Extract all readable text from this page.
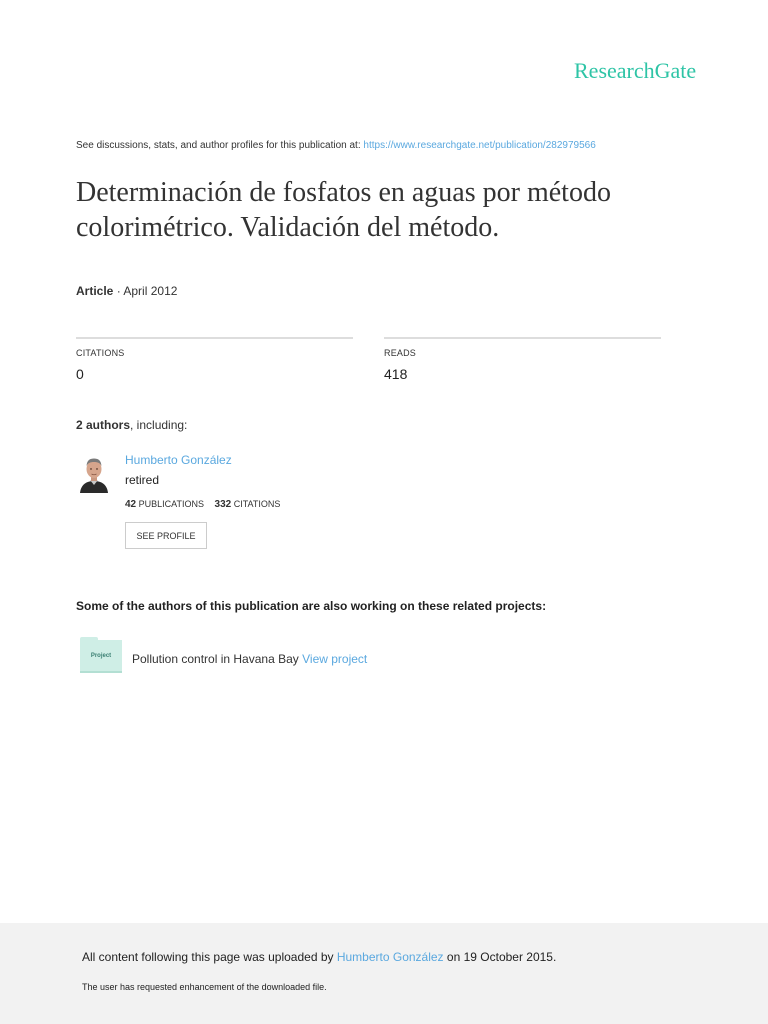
ResearchGate
See discussions, stats, and author profiles for this publication at: https://www.researchgate.net/publication/282979566
Determinación de fosfatos en aguas por método
colorimétrico. Validación del método.
Article · April 2012
CITATIONS	READS
0	418
2 authors, including:
Humberto González
retired
42 PUBLICATIONS 332 CITATIONS
SEE PROFILE
Some of the authors of this publication are also working on these related projects:
Project Pollution control in Havana Bay View project
All content following this page was uploaded by Humberto González on 19 October 2015.
The user has requested enhancement of the downloaded file.
